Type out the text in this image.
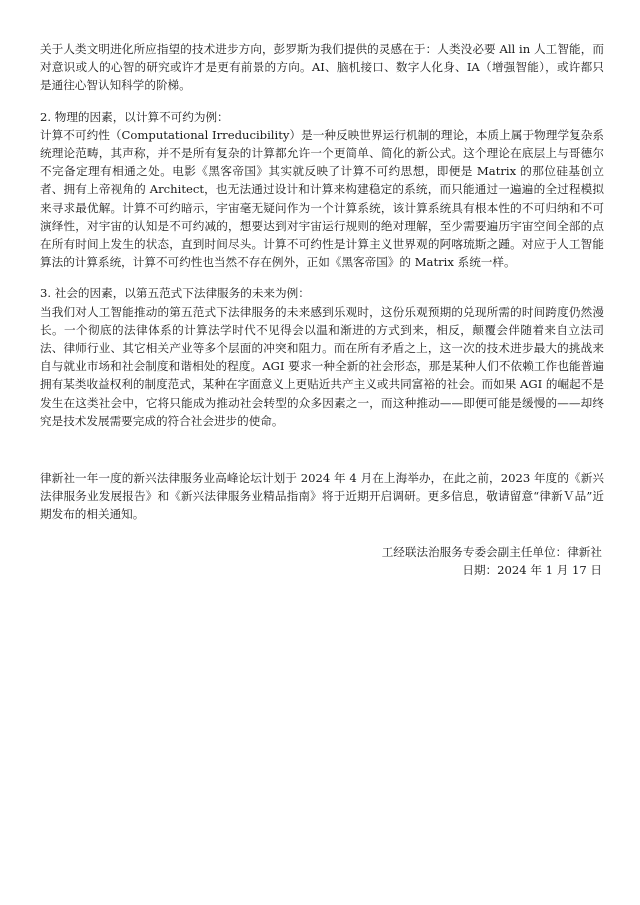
关于人类文明进化所应指望的技术进步方向，彭罗斯为我们提供的灵感在于：人类没必要 All in 人工智能，而对意识或人的心智的研究或许才是更有前景的方向。AI、脑机接口、数字人化身、IA（增强智能），或许都只是通往心智认知科学的阶梯。

2. 物理的因素，以计算不可约为例：

计算不可约性（Computational Irreducibility）是一种反映世界运行机制的理论，本质上属于物理学复杂系统理论范畴，其声称，并不是所有复杂的计算都允许一个更简单、简化的新公式。这个理论在底层上与哥德尔不完备定理有相通之处。电影《黑客帝国》其实就反映了计算不可约思想，即便是 Matrix 的那位硅基创立者、拥有上帝视角的 Architect，也无法通过设计和计算来构建稳定的系统，而只能通过一遍遍的全过程模拟来寻求最优解。计算不可约暗示，宇宙毫无疑问作为一个计算系统，该计算系统具有根本性的不可归纳和不可演绎性，对宇宙的认知是不可约减的，想要达到对宇宙运行规则的绝对理解，至少需要遍历宇宙空间全部的点在所有时间上发生的状态，直到时间尽头。计算不可约性是计算主义世界观的阿喀琉斯之踵。对应于人工智能算法的计算系统，计算不可约性也当然不存在例外，正如《黑客帝国》的 Matrix 系统一样。

3. 社会的因素，以第五范式下法律服务的未来为例：

当我们对人工智能推动的第五范式下法律服务的未来感到乐观时，这份乐观预期的兑现所需的时间跨度仍然漫长。一个彻底的法律体系的计算法学时代不见得会以温和渐进的方式到来，相反，颠覆会伴随着来自立法司法、律师行业、其它相关产业等多个层面的冲突和阻力。而在所有矛盾之上，这一次的技术进步最大的挑战来自与就业市场和社会制度和谐相处的程度。AGI 要求一种全新的社会形态，那是某种人们不依赖工作也能普遍拥有某类收益权利的制度范式，某种在字面意义上更贴近共产主义或共同富裕的社会。而如果 AGI 的崛起不是发生在这类社会中，它将只能成为推动社会转型的众多因素之一，而这种推动——即便可能是缓慢的——却终究是技术发展需要完成的符合社会进步的使命。

律新社一年一度的新兴法律服务业高峰论坛计划于 2024 年 4 月在上海举办，在此之前，2023 年度的《新兴法律服务业发展报告》和《新兴法律服务业精品指南》将于近期开启调研。更多信息，敬请留意“律新Ｖ品”近期发布的相关通知。

工经联法治服务专委会副主任单位：律新社
日期：2024 年 1 月 17 日
